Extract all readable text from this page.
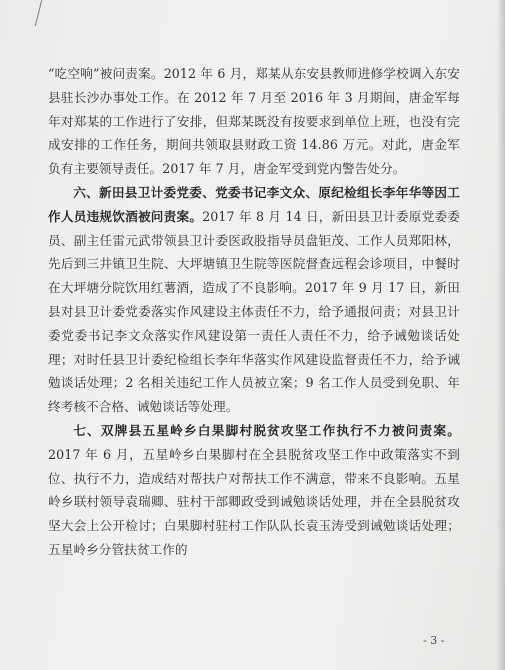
“吃空响”被问责案。2012 年 6 月，郑某从东安县教师进修学校调入东安县驻长沙办事处工作。在 2012 年 7 月至 2016 年 3 月期间，唐金军每年对郑某的工作进行了安排，但郑某既没有按要求到单位上班，也没有完成安排的工作任务，期间共领取县财政工资 14.86 万元。对此，唐金军负有主要领导责任。2017 年 7 月，唐金军受到党内警告处分。

六、新田县卫计委党委、党委书记李文众、原纪检组长李年华等因工作人员违规饮酒被问责案。2017 年 8 月 14 日，新田县卫计委原党委委员、副主任雷元武带领县卫计委医政股指导员盘钜茂、工作人员郑阳林，先后到三井镇卫生院、大坪塘镇卫生院等医院督查远程会诊项目，中餐时在大坪塘分院饮用红薯酒，造成了不良影响。2017 年 9 月 17 日，新田县对县卫计委党委落实作风建设主体责任不力，给予通报问责；对县卫计委党委书记李文众落实作风建设第一责任人责任不力，给予诫勉谈话处理；对时任县卫计委纪检组长李年华落实作风建设监督责任不力，给予诫勉谈话处理；2 名相关违纪工作人员被立案；9 名工作人员受到免职、年终考核不合格、诫勉谈话等处理。

七、双牌县五星岭乡白果脚村脱贫攻坚工作执行不力被问责案。2017 年 6 月，五星岭乡白果脚村在全县脱贫攻坚工作中政策落实不到位、执行不力，造成结对帮扶户对帮扶工作不满意，带来不良影响。五星岭乡联村领导袁瑞卿、驻村干部卿政受到诫勉谈话处理，并在全县脱贫攻坚大会上公开检讨；白果脚村驻村工作队队长袁玉涛受到诫勉谈话处理；五星岭乡分管扶贫工作的

- 3 -
